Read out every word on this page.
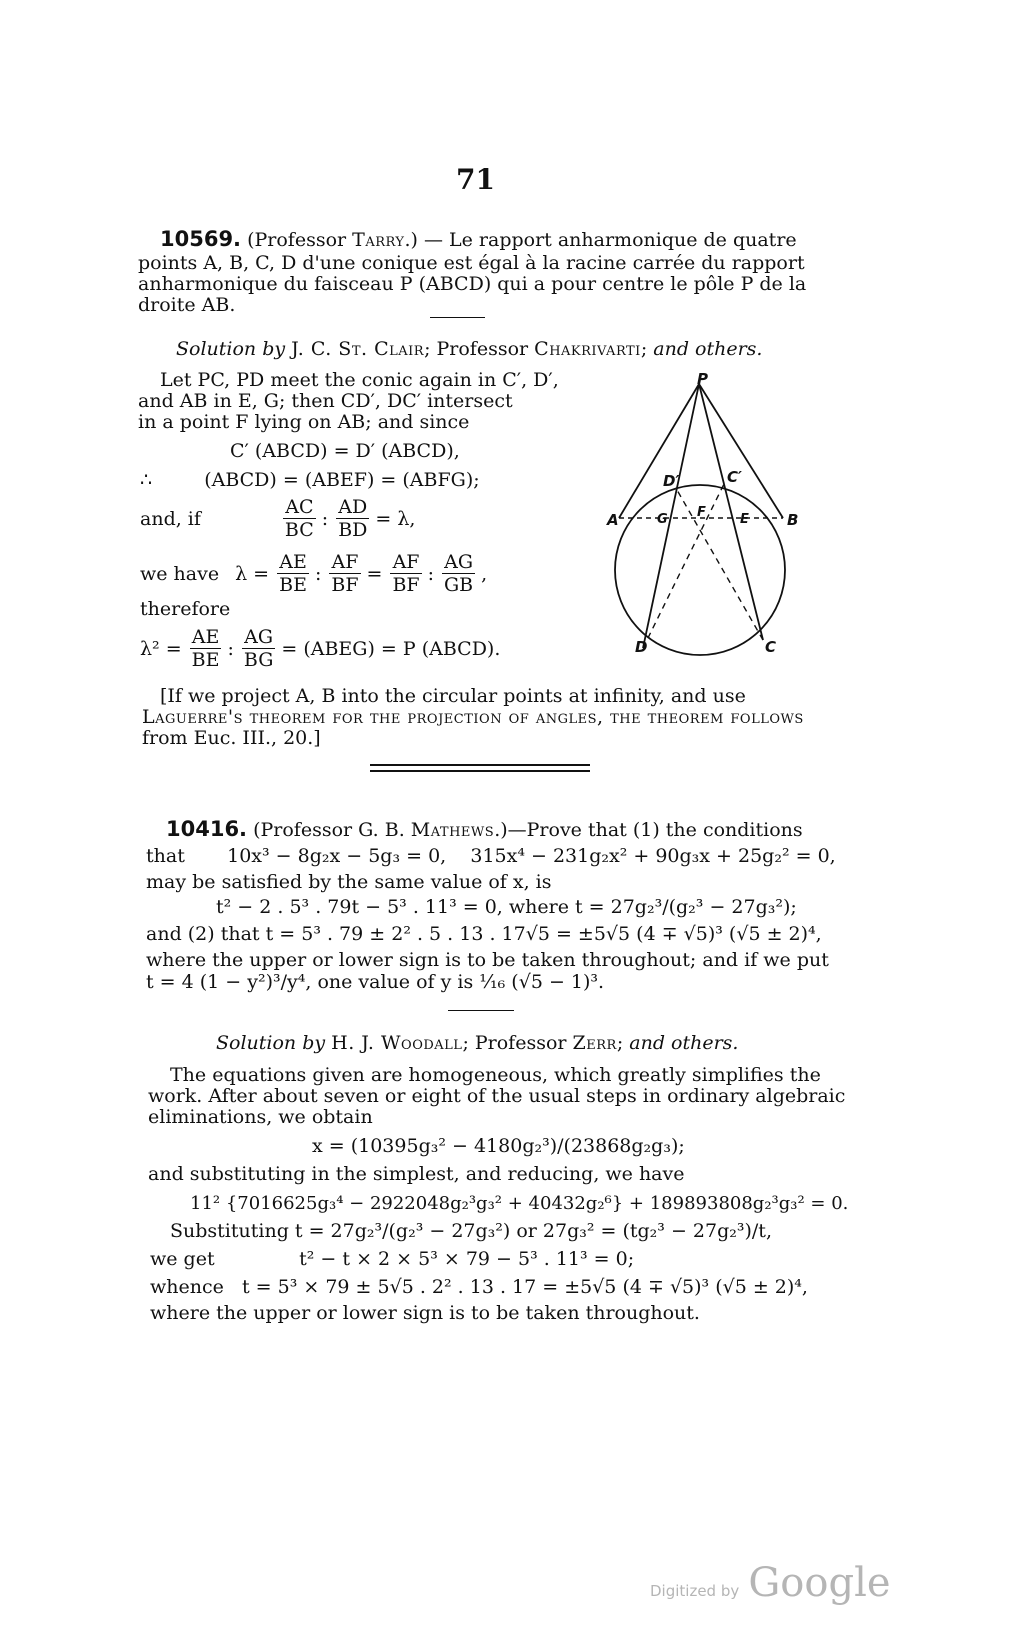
71
10569. (Professor Tarry.) — Le rapport anharmonique de quatre
points A, B, C, D d'une conique est égal à la racine carrée du rapport
anharmonique du faisceau P (ABCD) qui a pour centre le pôle P de la
droite AB.
Solution by J. C. St. Clair; Professor Chakrivarti; and others.
Let PC, PD meet the conic again in C′, D′,
and AB in E, G; then CD′, DC′ intersect
in a point F lying on AB; and since
C′ (ABCD) = D′ (ABCD),
∴	(ABCD) = (ABEF) = (ABFG);
and, if	$\frac{AC}{BC}$ : $\frac{AD}{BD} = \lambda$,
we have $\lambda = \frac{AE}{BE}$ : $\frac{AF}{BF} = \frac{AF}{BF}$ : $\frac{AG}{GB}$ ,
therefore
$\lambda^2 = \frac{AE}{BE}$ : $\frac{AG}{BG}$ = (ABEG) = P (ABCD).
P
A	B
C
D
C′
D′
G F	E
[If we project A, B into the circular points at infinity, and use
Laguerre's theorem for the projection of angles, the theorem follows
from Euc. III., 20.]
10416. (Professor G. B. Mathews.)—Prove that (1) the conditions
that       10x³ − 8g₂x − 5g₃ = 0,    315x⁴ − 231g₂x² + 90g₃x + 25g₂² = 0,
may be satisfied by the same value of x, is
t² − 2 . 5³ . 79t − 5³ . 11³ = 0, where t = 27g₂³/(g₂³ − 27g₃²);
and (2) that t = 5³ . 79 ± 2² . 5 . 13 . 17√5 = ±5√5 (4 ∓ √5)³ (√5 ± 2)⁴,
where the upper or lower sign is to be taken throughout; and if we put
t = 4 (1 − y²)³/y⁴, one value of y is ¹⁄₁₆ (√5 − 1)³.
Solution by H. J. Woodall; Professor Zerr; and others.
The equations given are homogeneous, which greatly simplifies the
work. After about seven or eight of the usual steps in ordinary algebraic
eliminations, we obtain
x = (10395g₃² − 4180g₂³)/(23868g₂g₃);
and substituting in the simplest, and reducing, we have
11² {7016625g₃⁴ − 2922048g₂³g₃² + 40432g₂⁶} + 189893808g₂³g₃² = 0.
Substituting t = 27g₂³/(g₂³ − 27g₃²) or 27g₃² = (tg₂³ − 27g₂³)/t,
we get              t² − t × 2 × 5³ × 79 − 5³ . 11³ = 0;
whence   t = 5³ × 79 ± 5√5 . 2² . 13 . 17 = ±5√5 (4 ∓ √5)³ (√5 ± 2)⁴,
where the upper or lower sign is to be taken throughout.
Digitized by Google
